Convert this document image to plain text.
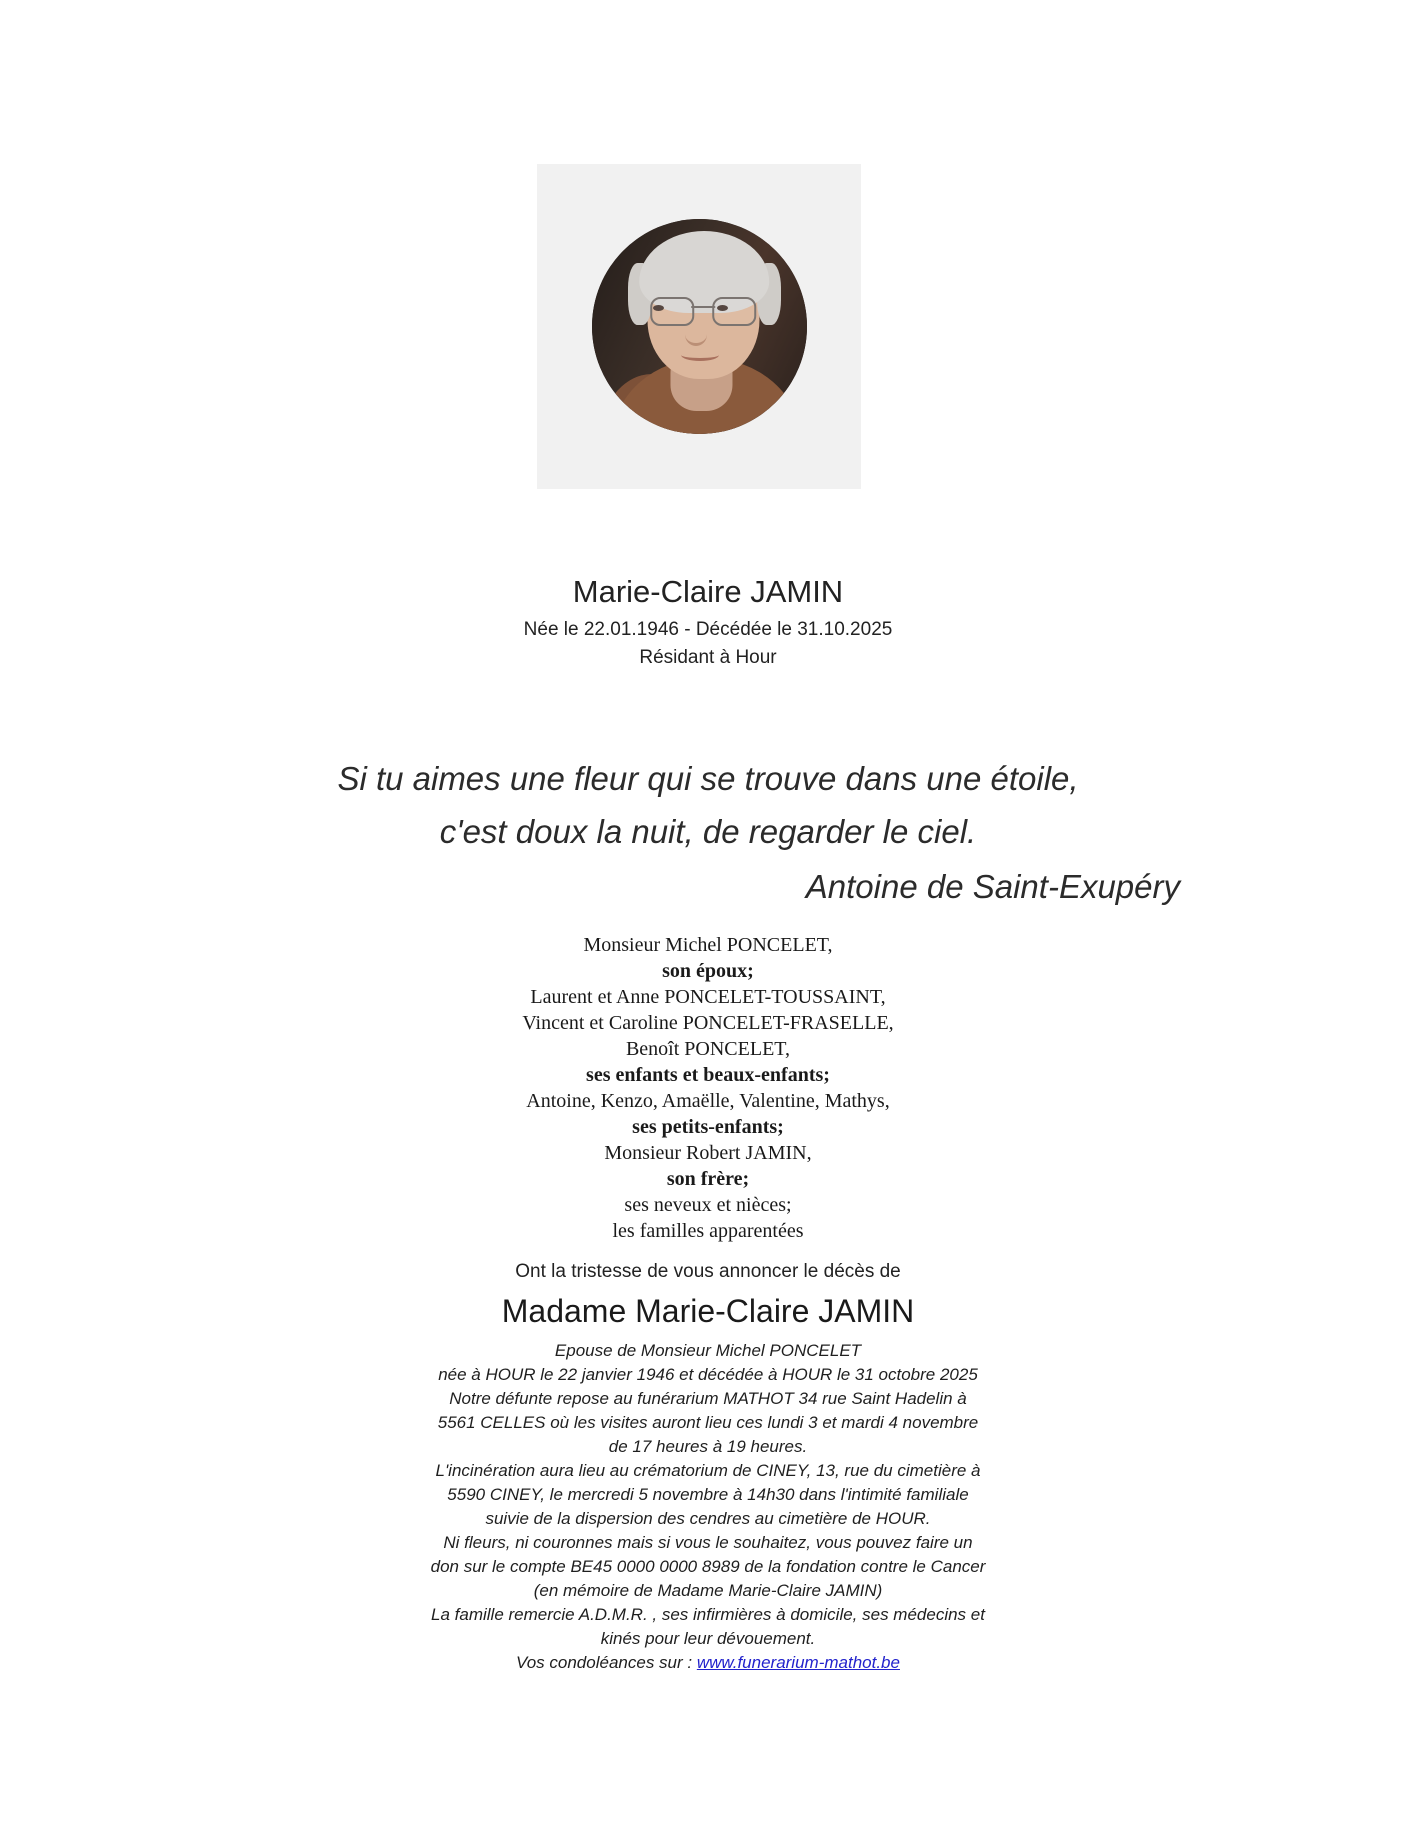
Marie-Claire JAMIN
Née le 22.01.1946 - Décédée le 31.10.2025
Résidant à Hour
Si tu aimes une fleur qui se trouve dans une étoile,
c'est doux la nuit, de regarder le ciel.
Antoine de Saint-Exupéry
Monsieur Michel PONCELET,
son époux;
Laurent et Anne PONCELET-TOUSSAINT,
Vincent et Caroline PONCELET-FRASELLE,
Benoît PONCELET,
ses enfants et beaux-enfants;
Antoine, Kenzo, Amaëlle, Valentine, Mathys,
ses petits-enfants;
Monsieur Robert JAMIN,
son frère;
ses neveux et nièces;
les familles apparentées
Ont la tristesse de vous annoncer le décès de
Madame Marie-Claire JAMIN

Epouse de Monsieur Michel PONCELET

née à HOUR le 22 janvier 1946 et décédée à HOUR le 31 octobre 2025

Notre défunte repose au funérarium MATHOT 34 rue Saint Hadelin à 5561 CELLES où les visites auront lieu ces lundi 3 et mardi 4 novembre de 17 heures à 19 heures.

L'incinération aura lieu au crématorium de CINEY, 13, rue du cimetière à 5590 CINEY, le mercredi 5 novembre à 14h30 dans l'intimité familiale suivie de la dispersion des cendres au cimetière de HOUR.

Ni fleurs, ni couronnes mais si vous le souhaitez, vous pouvez faire un don sur le compte BE45 0000 0000 8989 de la fondation contre le Cancer (en mémoire de Madame Marie-Claire JAMIN)

La famille remercie A.D.M.R. , ses infirmières à domicile, ses médecins et kinés pour leur dévouement.

Vos condoléances sur : www.funerarium-mathot.be
